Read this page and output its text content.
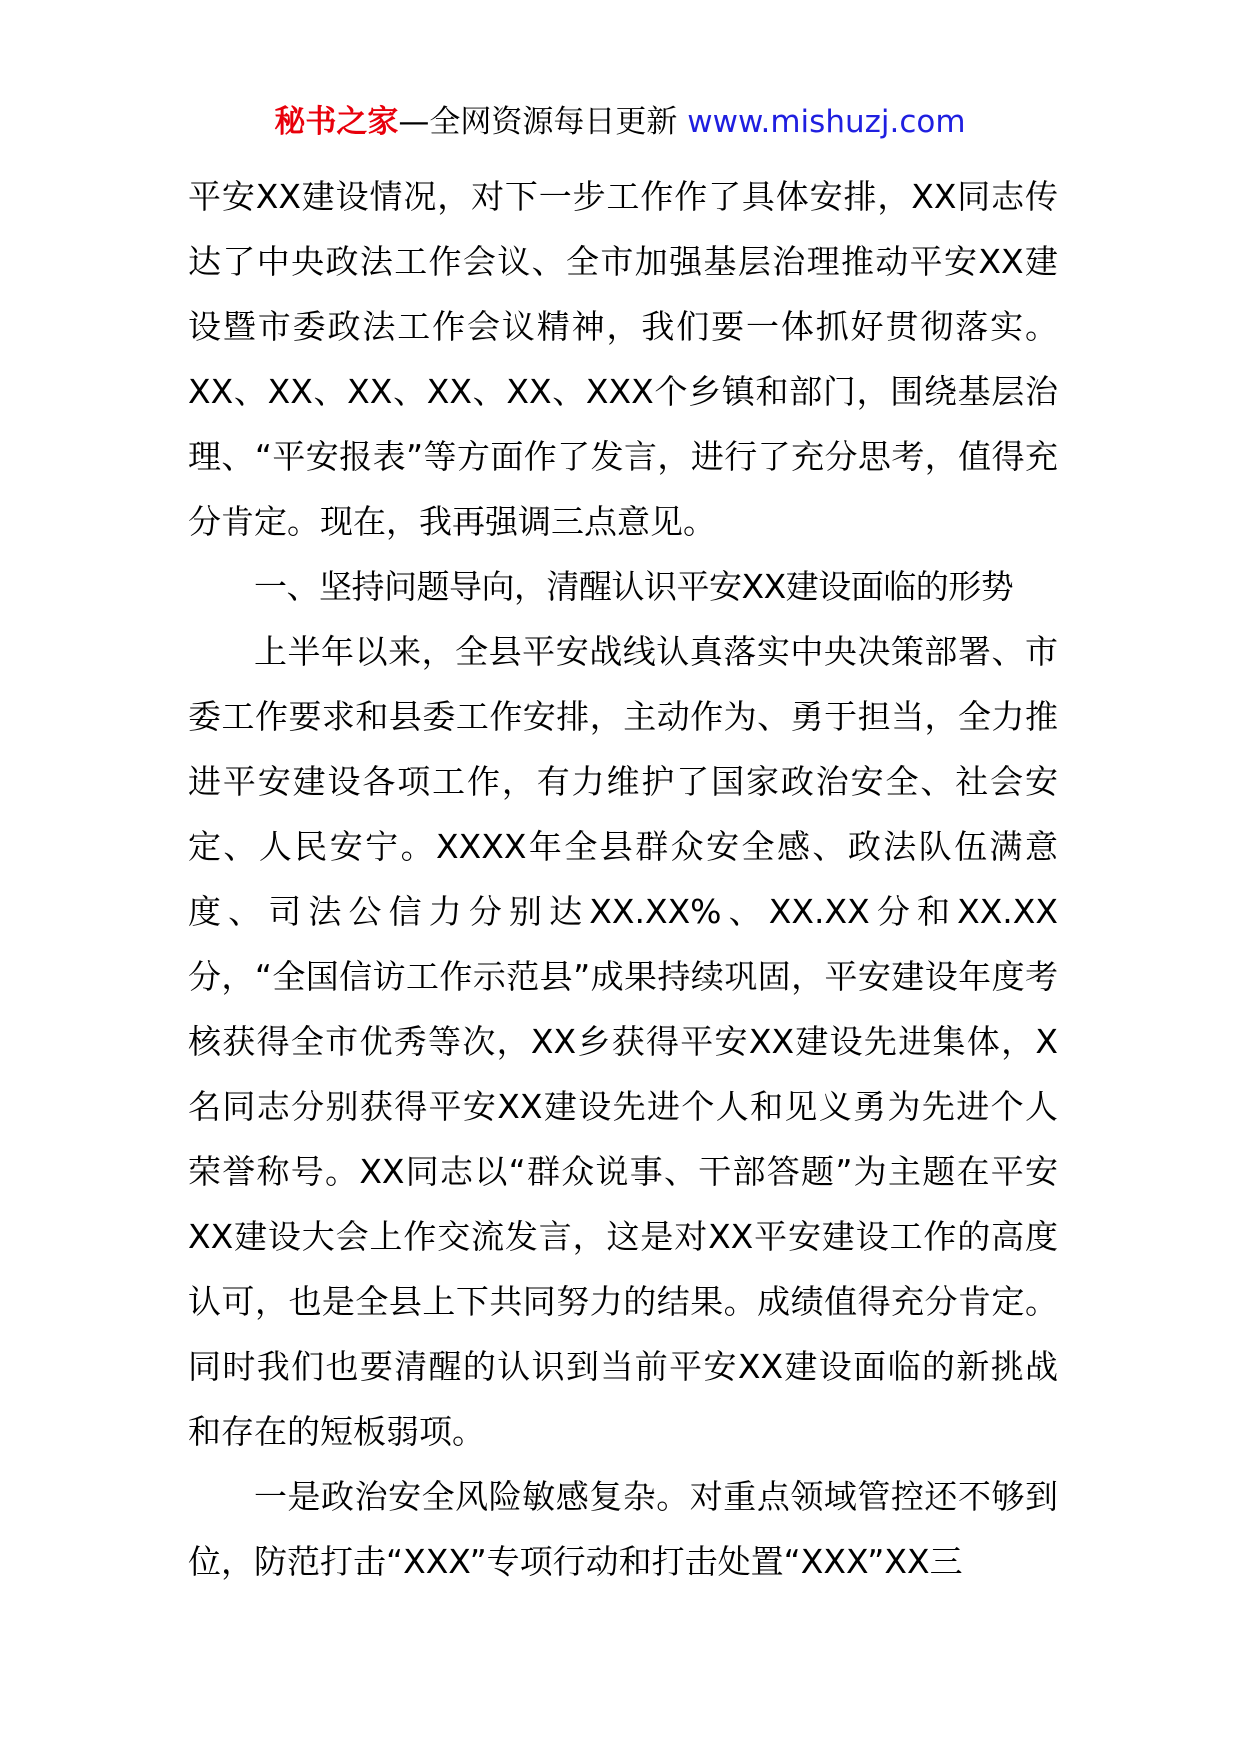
秘书之家—全网资源每日更新 www.mishuzj.com

平安XX建设情况，对下一步工作作了具体安排，XX同志传达了中央政法工作会议、全市加强基层治理推动平安XX建设暨市委政法工作会议精神，我们要一体抓好贯彻落实。XX、XX、XX、XX、XX、XXX个乡镇和部门，围绕基层治理、“平安报表”等方面作了发言，进行了充分思考，值得充分肯定。现在，我再强调三点意见。

一、坚持问题导向，清醒认识平安XX建设面临的形势

上半年以来，全县平安战线认真落实中央决策部署、市委工作要求和县委工作安排，主动作为、勇于担当，全力推进平安建设各项工作，有力维护了国家政治安全、社会安定、人民安宁。XXXX年全县群众安全感、政法队伍满意度、司法公信力分别达XX.XX%、XX.XX分和XX.XX分，“全国信访工作示范县”成果持续巩固，平安建设年度考核获得全市优秀等次，XX乡获得平安XX建设先进集体，X名同志分别获得平安XX建设先进个人和见义勇为先进个人荣誉称号。XX同志以“群众说事、干部答题”为主题在平安XX建设大会上作交流发言，这是对XX平安建设工作的高度认可，也是全县上下共同努力的结果。成绩值得充分肯定。同时我们也要清醒的认识到当前平安XX建设面临的新挑战和存在的短板弱项。

一是政治安全风险敏感复杂。对重点领域管控还不够到位，防范打击“XXX”专项行动和打击处置“XXX”XX三
